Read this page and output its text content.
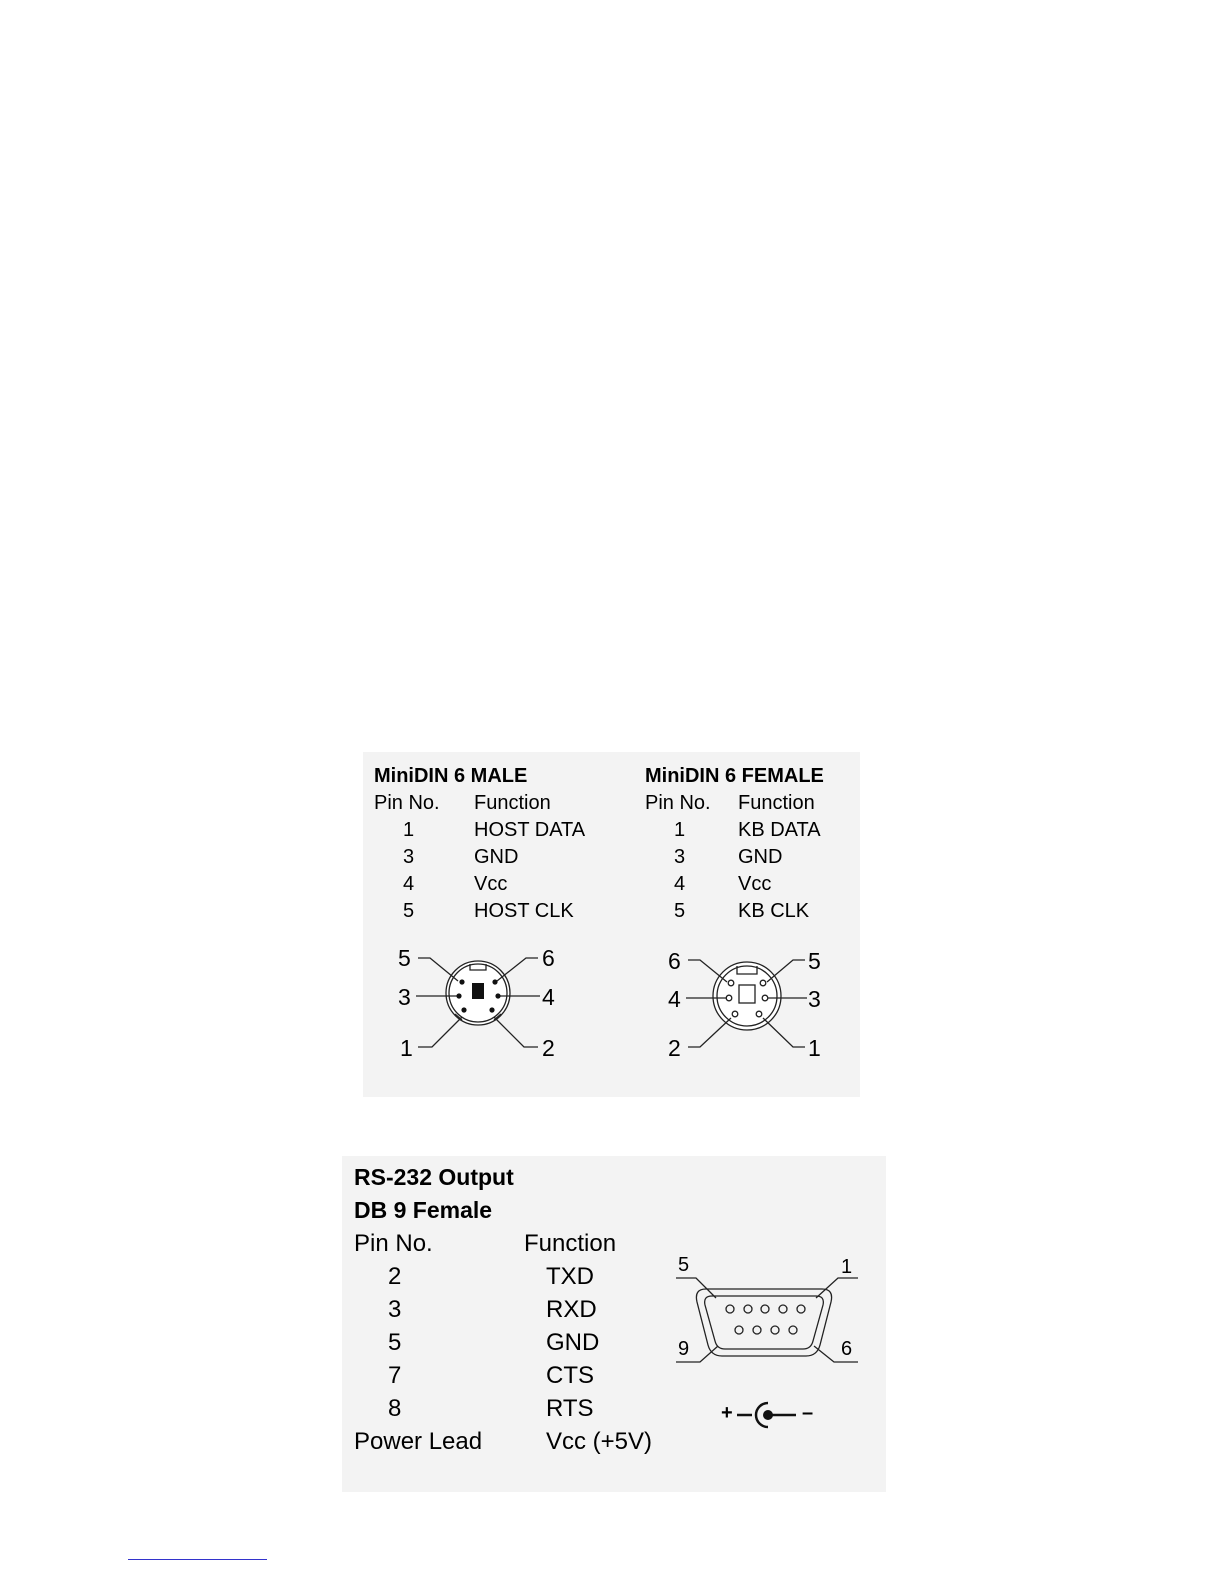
MiniDIN 6 MALE
Pin No. Function
1	HOST DATA
3	GND
4	Vcc
5	HOST CLK
MiniDIN 6 FEMALE
Pin No. Function
1	KB DATA
3	GND
4	Vcc
5	KB CLK
5	6
3	4
1	2
6	5
4	3
2	1
RS-232 Output
DB 9 Female
Pin No.	Function
2	TXD
3	RXD
5	GND
7	CTS
8	RTS
Power Lead	Vcc (+5V)
5	1
9	6
+	–
